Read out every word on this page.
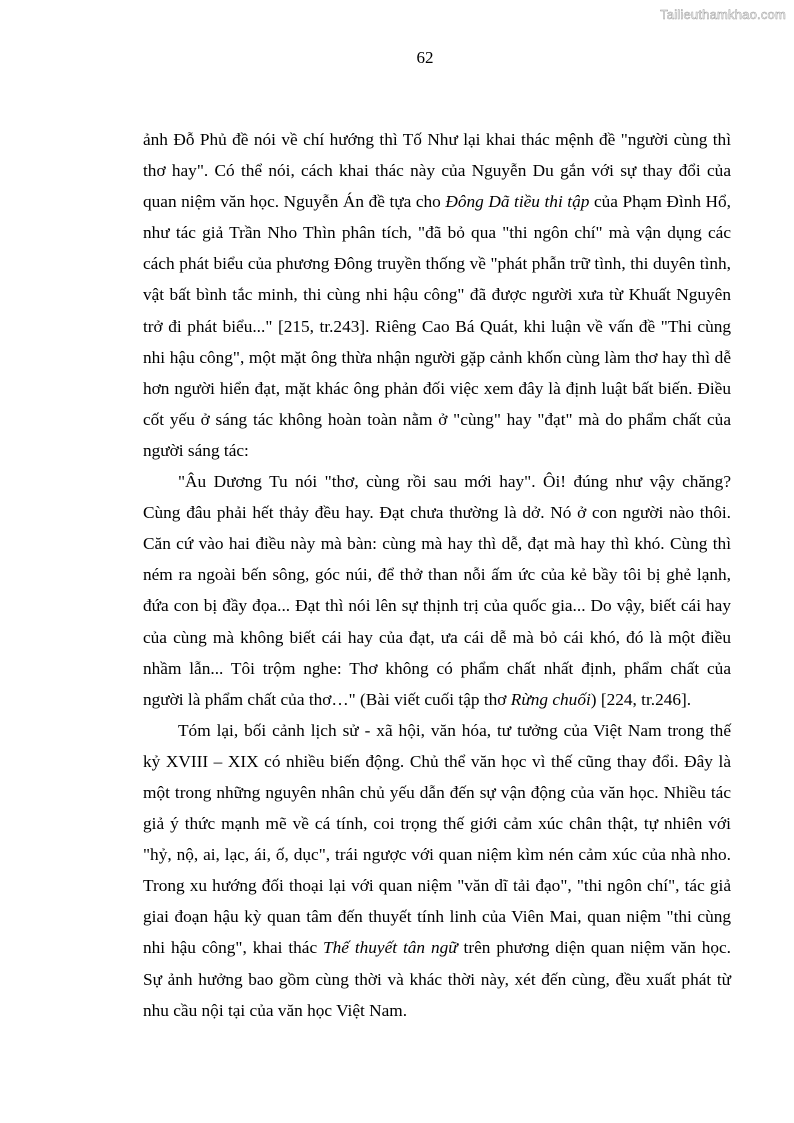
Tailieuthamkhao.com
62
ảnh Đỗ Phủ đề nói về chí hướng thì Tố Như lại khai thác mệnh đề "người cùng thì
thơ hay". Có thể nói, cách khai thác này của Nguyễn Du gắn với sự thay đổi của
quan niệm văn học. Nguyễn Án đề tựa cho Đông Dã tiều thi tập của Phạm Đình Hổ,
như tác giả Trần Nho Thìn phân tích, "đã bỏ qua "thi ngôn chí" mà vận dụng các
cách phát biểu của phương Đông truyền thống về "phát phẫn trữ tình, thi duyên tình,
vật bất bình tắc minh, thi cùng nhi hậu công" đã được người xưa từ Khuất Nguyên
trở đi phát biểu..." [215, tr.243]. Riêng Cao Bá Quát, khi luận về vấn đề "Thi cùng
nhi hậu công", một mặt ông thừa nhận người gặp cảnh khốn cùng làm thơ hay thì dễ
hơn người hiển đạt, mặt khác ông phản đối việc xem đây là định luật bất biến. Điều
cốt yếu ở sáng tác không hoàn toàn nằm ở "cùng" hay "đạt" mà do phẩm chất của
người sáng tác:
"Âu Dương Tu nói "thơ, cùng rồi sau mới hay". Ôi! đúng như vậy chăng?
Cùng đâu phải hết thảy đều hay. Đạt chưa thường là dở. Nó ở con người nào thôi.
Căn cứ vào hai điều này mà bàn: cùng mà hay thì dễ, đạt mà hay thì khó. Cùng thì
ném ra ngoài bến sông, góc núi, để thở than nỗi ấm ức của kẻ bầy tôi bị ghẻ lạnh,
đứa con bị đầy đọa... Đạt thì nói lên sự thịnh trị của quốc gia... Do vậy, biết cái hay
của cùng mà không biết cái hay của đạt, ưa cái dễ mà bỏ cái khó, đó là một điều
nhầm lẫn... Tôi trộm nghe: Thơ không có phẩm chất nhất định, phẩm chất của
người là phẩm chất của thơ…" (Bài viết cuối tập thơ Rừng chuối) [224, tr.246].
Tóm lại, bối cảnh lịch sử - xã hội, văn hóa, tư tưởng của Việt Nam trong thế
kỷ XVIII – XIX có nhiều biến động. Chủ thể văn học vì thế cũng thay đổi. Đây là
một trong những nguyên nhân chủ yếu dẫn đến sự vận động của văn học. Nhiều tác
giả ý thức mạnh mẽ về cá tính, coi trọng thế giới cảm xúc chân thật, tự nhiên với
"hỷ, nộ, ai, lạc, ái, ố, dục", trái ngược với quan niệm kìm nén cảm xúc của nhà nho.
Trong xu hướng đối thoại lại với quan niệm "văn dĩ tải đạo", "thi ngôn chí", tác giả
giai đoạn hậu kỳ quan tâm đến thuyết tính linh của Viên Mai, quan niệm "thi cùng
nhi hậu công", khai thác Thế thuyết tân ngữ trên phương diện quan niệm văn học.
Sự ảnh hưởng bao gồm cùng thời và khác thời này, xét đến cùng, đều xuất phát từ
nhu cầu nội tại của văn học Việt Nam.
